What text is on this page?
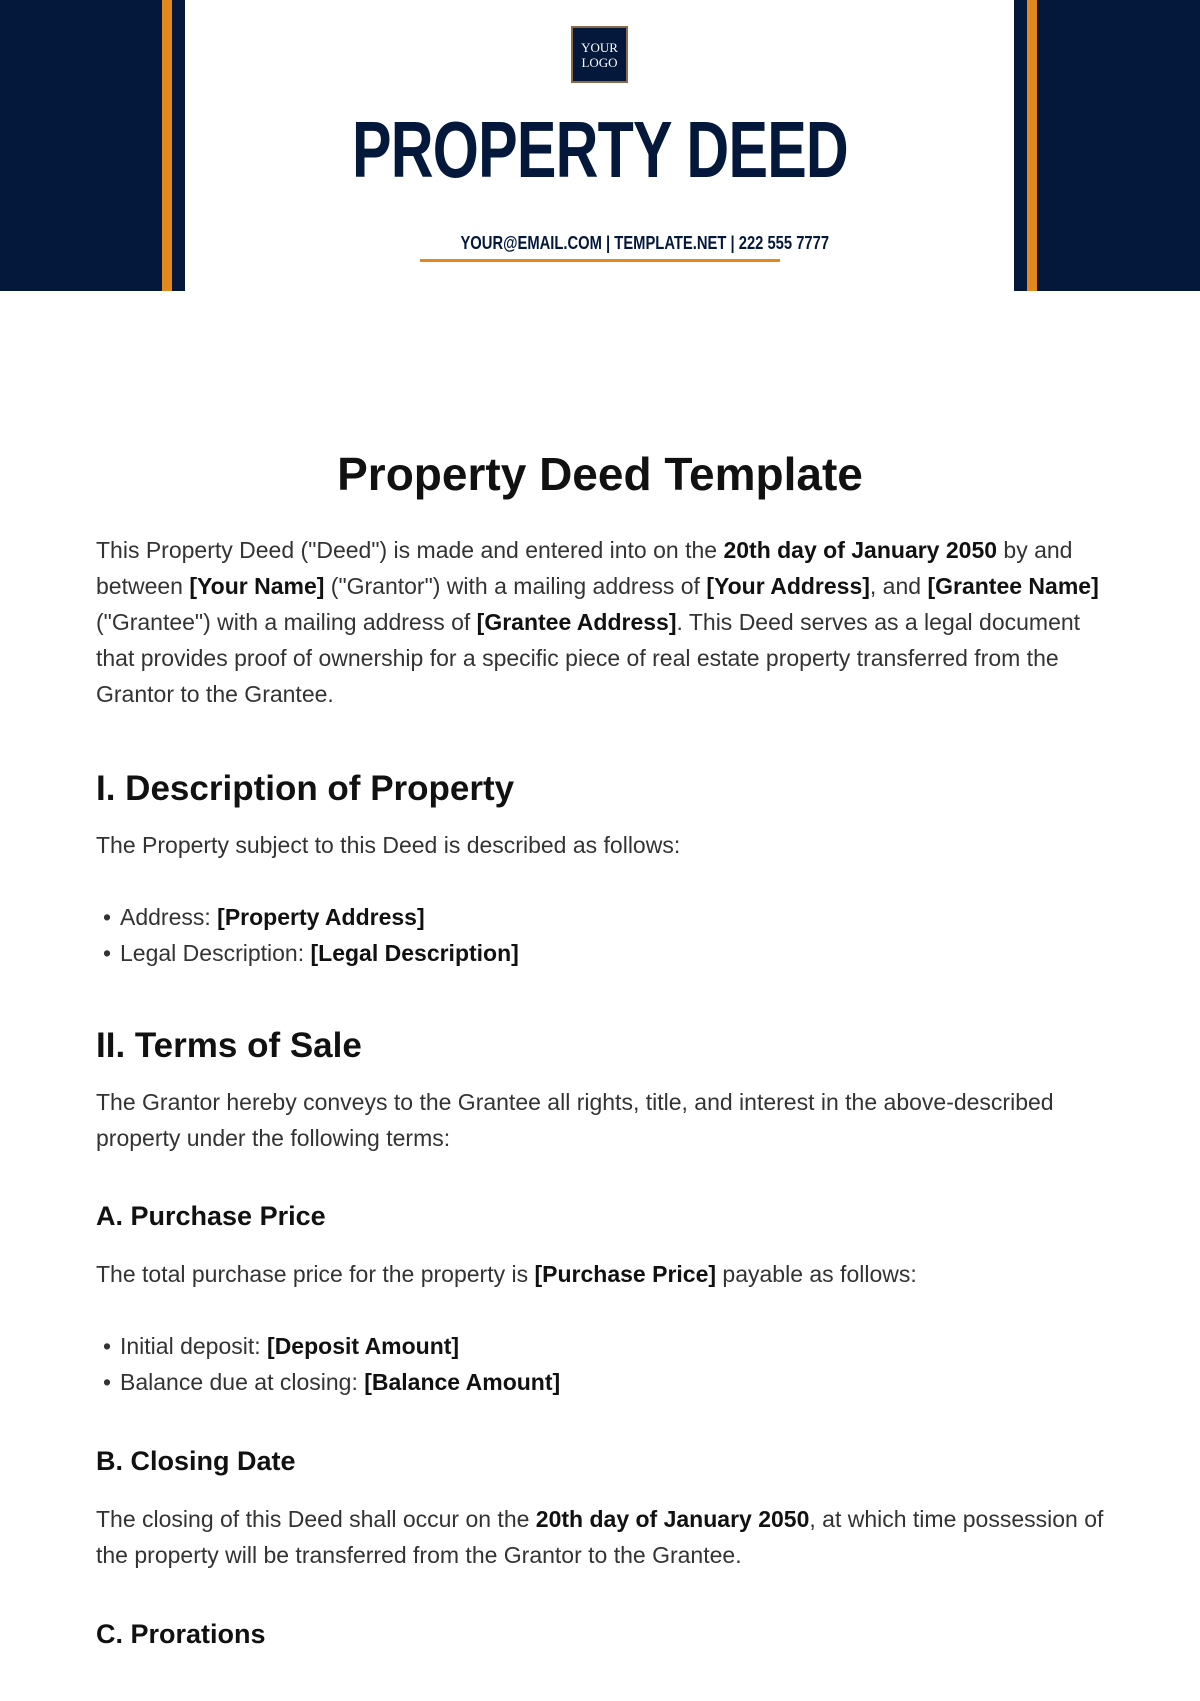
YOUR
LOGO
PROPERTY DEED
YOUR@EMAIL.COM | TEMPLATE.NET | 222 555 7777
Property Deed Template

This Property Deed ("Deed") is made and entered into on the 20th day of January 2050 by and between [Your Name] ("Grantor") with a mailing address of [Your Address], and [Grantee Name] ("Grantee") with a mailing address of [Grantee Address]. This Deed serves as a legal document that provides proof of ownership for a specific piece of real estate property transferred from the Grantor to the Grantee.

I. Description of Property

The Property subject to this Deed is described as follows:

• Address: [Property Address]
• Legal Description: [Legal Description]
II. Terms of Sale

The Grantor hereby conveys to the Grantee all rights, title, and interest in the above-described property under the following terms:

A. Purchase Price

The total purchase price for the property is [Purchase Price] payable as follows:

• Initial deposit: [Deposit Amount]
• Balance due at closing: [Balance Amount]
B. Closing Date

The closing of this Deed shall occur on the 20th day of January 2050, at which time possession of the property will be transferred from the Grantor to the Grantee.

C. Prorations
